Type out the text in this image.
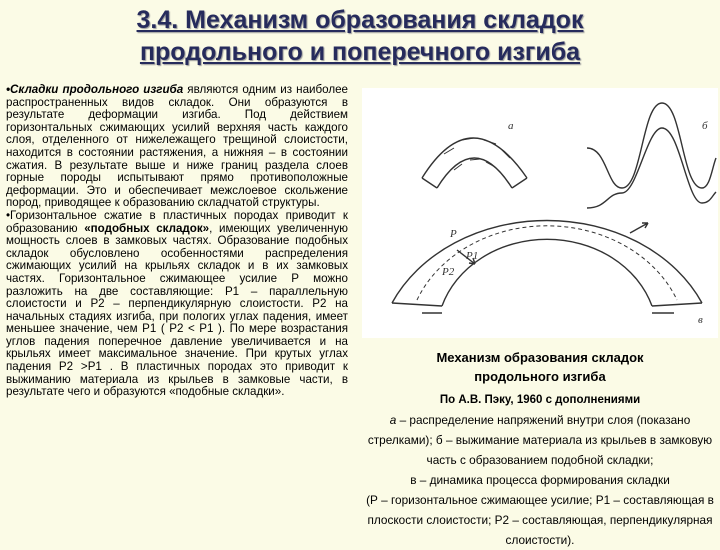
3.4. Механизм образования складок
продольного и поперечного изгиба

•Складки продольного изгиба являются одним из наиболее распространенных видов складок. Они образуются в результате деформации изгиба. Под действием горизонтальных сжимающих усилий верхняя часть каждого слоя, отделенного от нижележащего трещиной слоистости, находится в состоянии растяжения, а нижняя – в состоянии сжатия. В результате выше и ниже границ раздела слоев горные породы испытывают прямо противоположные деформации. Это и обеспечивает межслоевое скольжение пород, приводящее к образованию складчатой структуры.

•Горизонтальное сжатие в пластичных породах приводит к образованию «подобных складок», имеющих увеличенную мощность слоев в замковых частях. Образование подобных складок обусловлено особенностями распределения сжимающих усилий на крыльях складок и в их замковых частях. Горизонтальное сжимающее усилие Р можно разложить на две составляющие: Р1 – параллельную слоистости и Р2 – перпендикулярную слоистости. Р2 на начальных стадиях изгиба, при пологих углах падения, имеет меньшее значение, чем Р1 ( Р2 < Р1 ). По мере возрастания углов падения поперечное давление увеличивается и на крыльях имеет максимальное значение. При крутых углах падения Р2 >Р1 . В пластичных породах это приводит к выжиманию материала из крыльев в замковые части, в результате чего и образуются «подобные складки».

а	б
P
P1
P2
в
Механизм образования складок
продольного изгиба
По А.В. Пэку, 1960 с дополнениями
а – распределение напряжений внутри слоя (показано стрелками); б – выжимание материала из крыльев в замковую часть с образованием подобной складки;
в – динамика процесса формирования складки
(Р – горизонтальное сжимающее усилие; Р1 – составляющая в плоскости слоистости; Р2 – составляющая, перпендикулярная слоистости).
